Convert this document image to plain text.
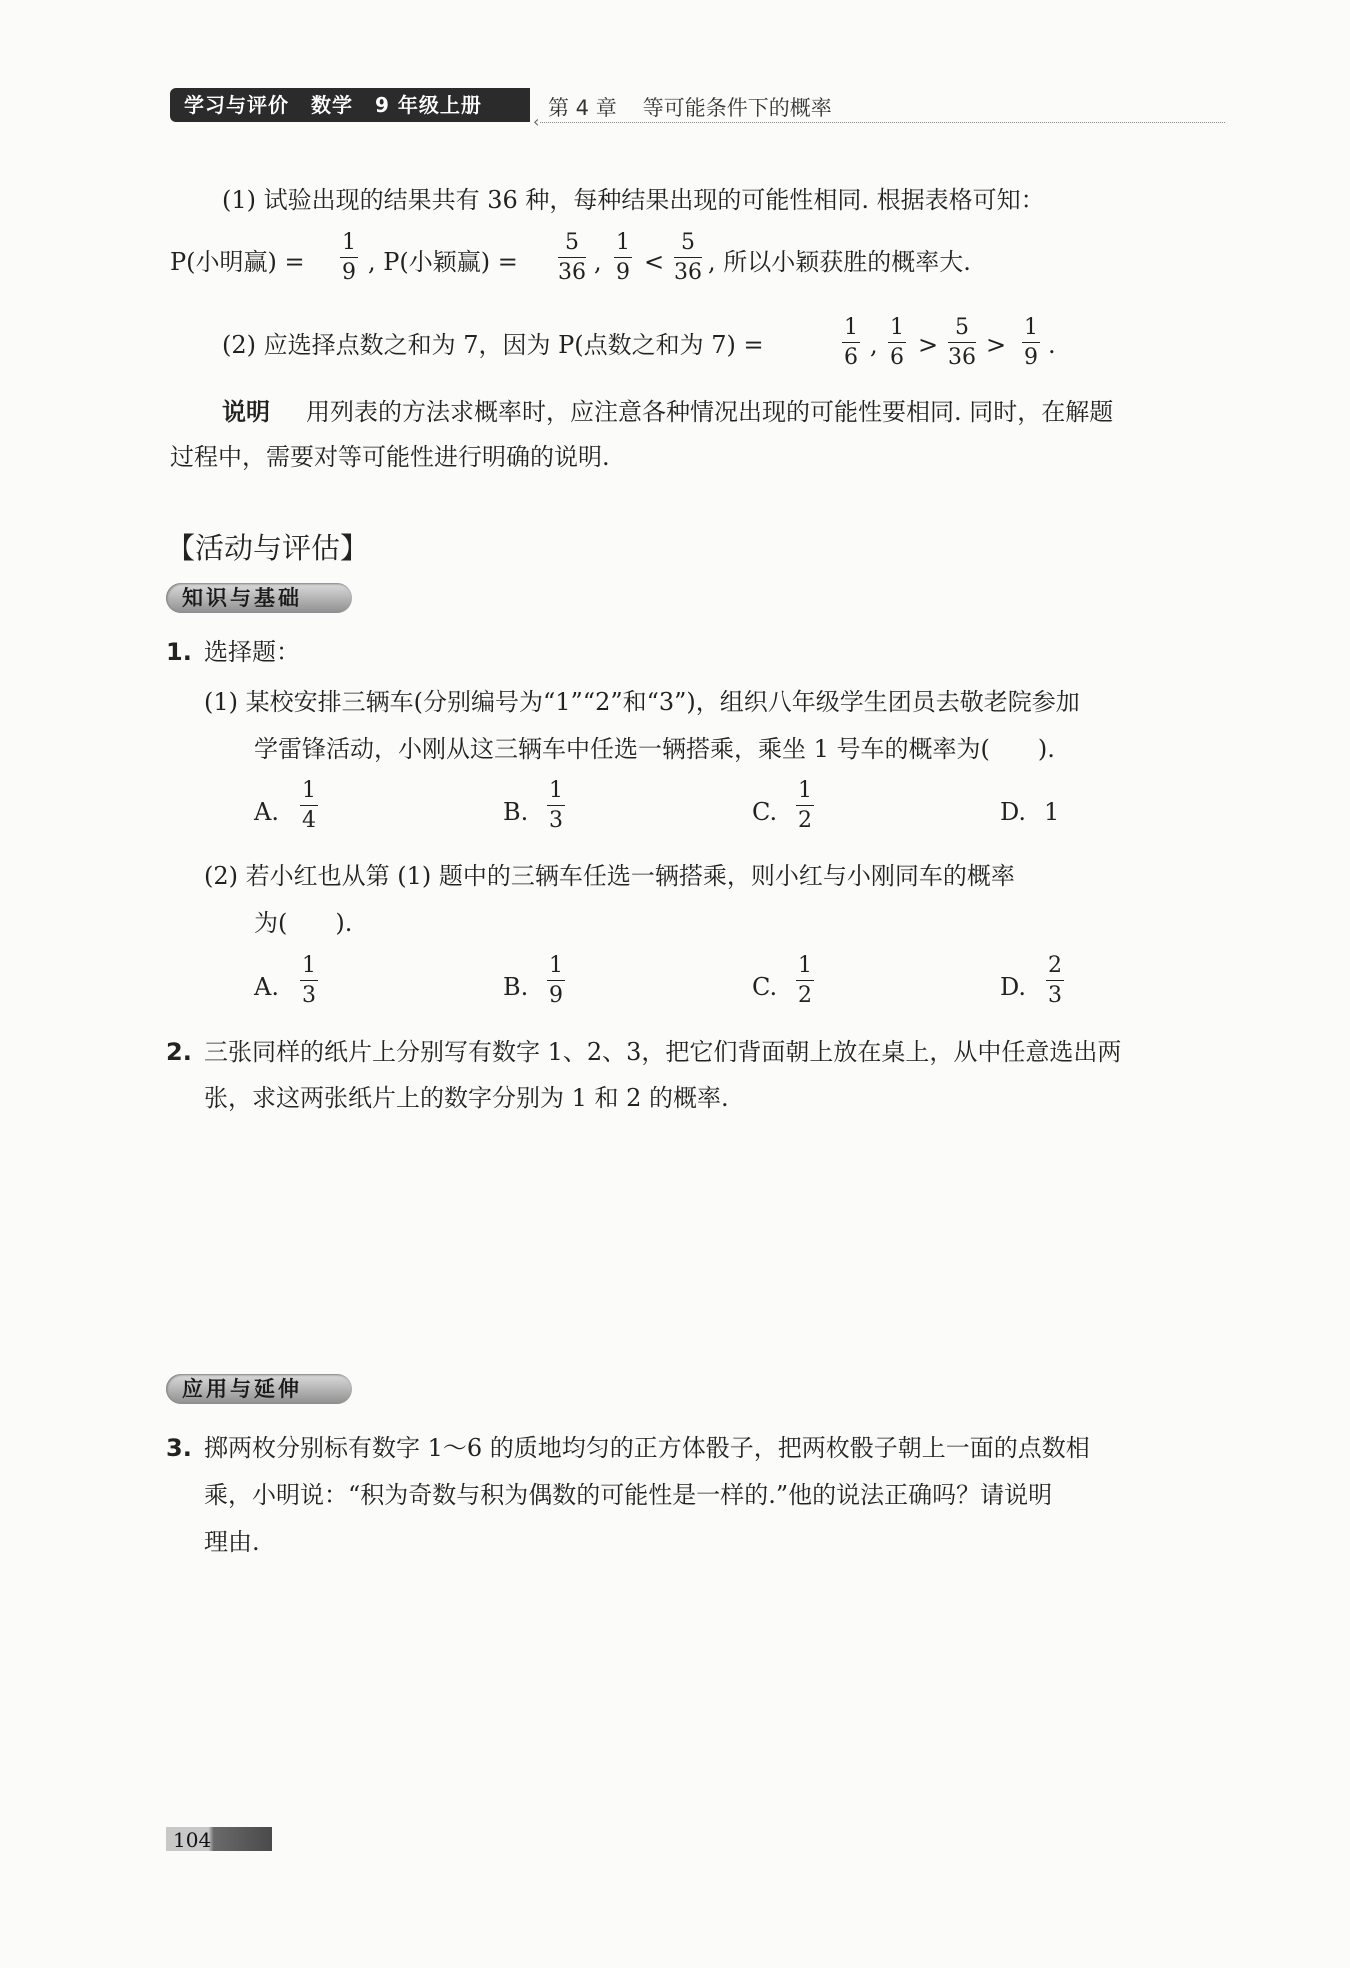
学习与评价 数学 9 年级上册
‹
第 4 章 等可能条件下的概率
(1) 试验出现的结果共有 36 种，每种结果出现的可能性相同. 根据表格可知：
P(小明赢) = $\frac{1}{9}$ , P(小颖赢) = $\frac{5}{36}$ , $\frac{1}{9} < \frac{5}{36}$ , 所以小颖获胜的概率大.
(2) 应选择点数之和为 7，因为 P(点数之和为 7) =	$\frac{1}{6}$ , $\frac{1}{6} > \frac{5}{36} > \frac{1}{9}$ .
说明 用列表的方法求概率时，应注意各种情况出现的可能性要相同. 同时，在解题
过程中，需要对等可能性进行明确的说明.
【活动与评估】
知识与基础
1. 选择题：
(1) 某校安排三辆车(分别编号为“1”“2”和“3”)，组织八年级学生团员去敬老院参加
学雷锋活动，小刚从这三辆车中任选一辆搭乘，乘坐 1 号车的概率为(　　).
A. $\frac{1}{4}$	B. $\frac{1}{3}$	C. $\frac{1}{2}$	D. 1
(2) 若小红也从第 (1) 题中的三辆车任选一辆搭乘，则小红与小刚同车的概率
为(　　).
A. $\frac{1}{3}$	B. $\frac{1}{9}$	C. $\frac{1}{2}$	D. $\frac{2}{3}$
2. 三张同样的纸片上分别写有数字 1、2、3，把它们背面朝上放在桌上，从中任意选出两
张，求这两张纸片上的数字分别为 1 和 2 的概率.
应用与延伸
3. 掷两枚分别标有数字 1～6 的质地均匀的正方体骰子，把两枚骰子朝上一面的点数相
乘，小明说：“积为奇数与积为偶数的可能性是一样的.”他的说法正确吗？请说明
理由.
104
